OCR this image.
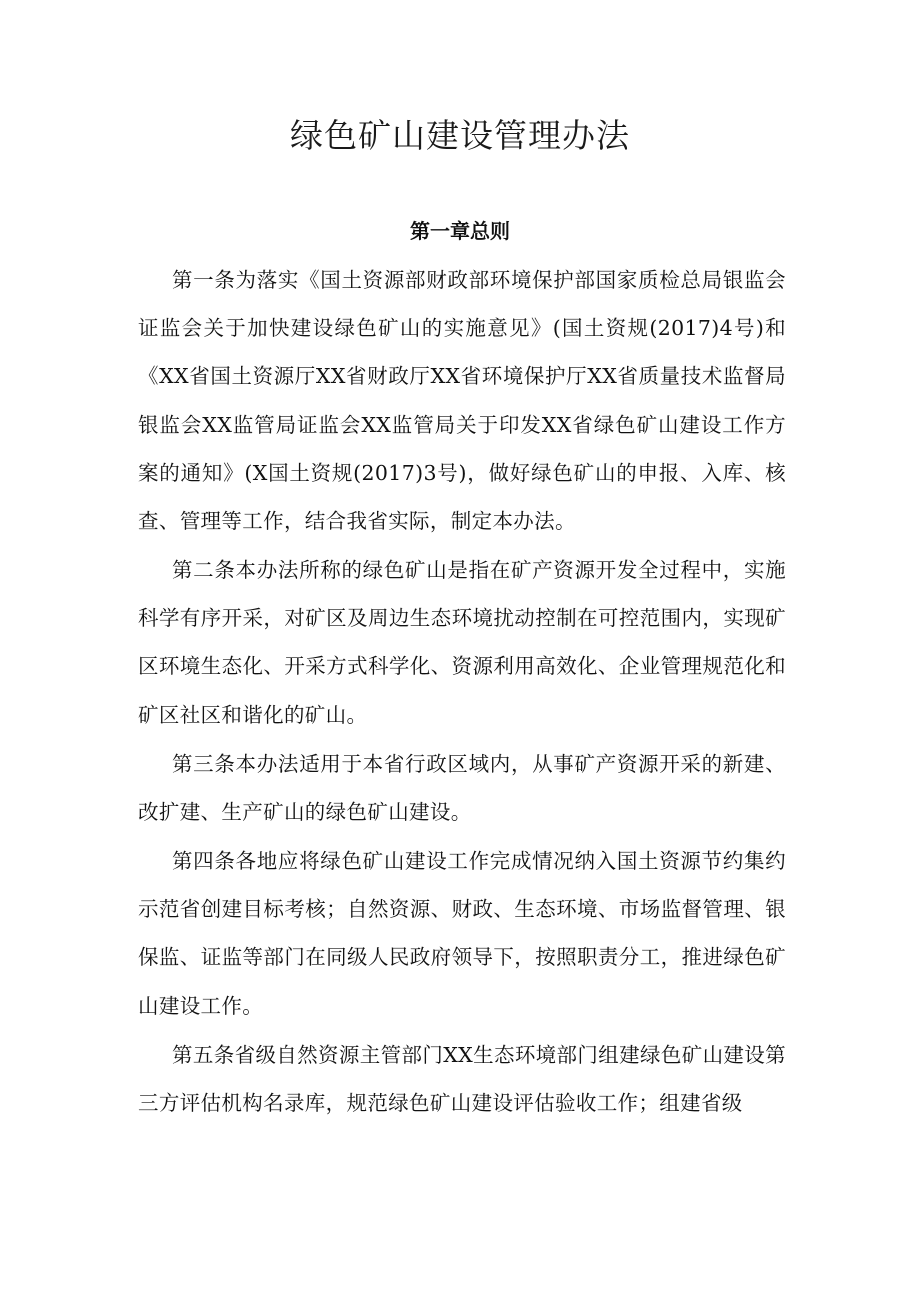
绿色矿山建设管理办法
第一章总则

第一条为落实《国土资源部财政部环境保护部国家质检总局银监会证监会关于加快建设绿色矿山的实施意见》(国土资规(2017)4号)和《XX省国土资源厅XX省财政厅XX省环境保护厅XX省质量技术监督局银监会XX监管局证监会XX监管局关于印发XX省绿色矿山建设工作方案的通知》(X国土资规(2017)3号)，做好绿色矿山的申报、入库、核查、管理等工作，结合我省实际，制定本办法。

第二条本办法所称的绿色矿山是指在矿产资源开发全过程中，实施科学有序开采，对矿区及周边生态环境扰动控制在可控范围内，实现矿区环境生态化、开采方式科学化、资源利用高效化、企业管理规范化和矿区社区和谐化的矿山。

第三条本办法适用于本省行政区域内，从事矿产资源开采的新建、改扩建、生产矿山的绿色矿山建设。

第四条各地应将绿色矿山建设工作完成情况纳入国土资源节约集约示范省创建目标考核；自然资源、财政、生态环境、市场监督管理、银保监、证监等部门在同级人民政府领导下，按照职责分工，推进绿色矿山建设工作。

第五条省级自然资源主管部门XX生态环境部门组建绿色矿山建设第三方评估机构名录库，规范绿色矿山建设评估验收工作；组建省级
